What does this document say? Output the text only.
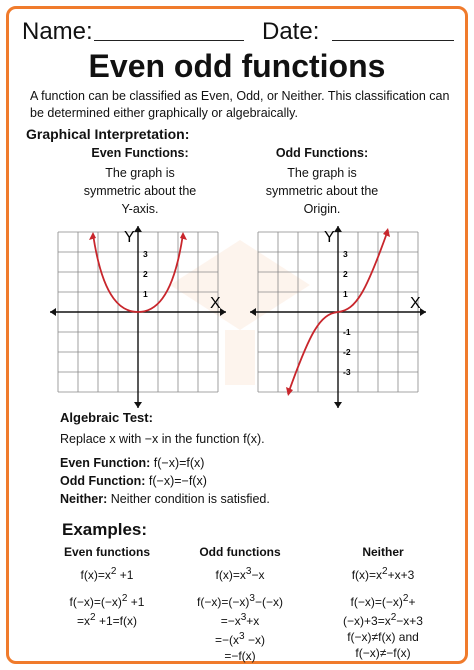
Name:	Date:
Even odd functions
A function can be classified as Even, Odd, or Neither. This classification can be determined either graphically or algebraically.
Graphical Interpretation:
Even Functions:
The graph is
symmetric about the
Y-axis.
Odd Functions:
The graph is
symmetric about the
Origin.
Y
X
3
2
1
Y
X
3
2
1
-1
-2
-3
Algebraic Test:
Replace x with −x in the function f(x).
Even Function: f(−x)=f(x)
Odd Function: f(−x)=−f(x)
Neither: Neither condition is satisfied.
Examples:
Even functions
$f(x)=x^2 +1$
$f(-x)=(-x)^2 +1$
$=x^2 +1=f(x)$
Odd functions
$f(x)=x^3-x$
$f(-x)=(-x)^3-(-x)$
$=-x^3+x$
$=-(x^3 -x)$
=−f(x)
Neither
$f(x)=x^2+x+3$
$f(-x)=(-x)^2+$
$(-x)+3=x^2-x+3$
f(−x)≠f(x) and
f(−x)≠−f(x)
